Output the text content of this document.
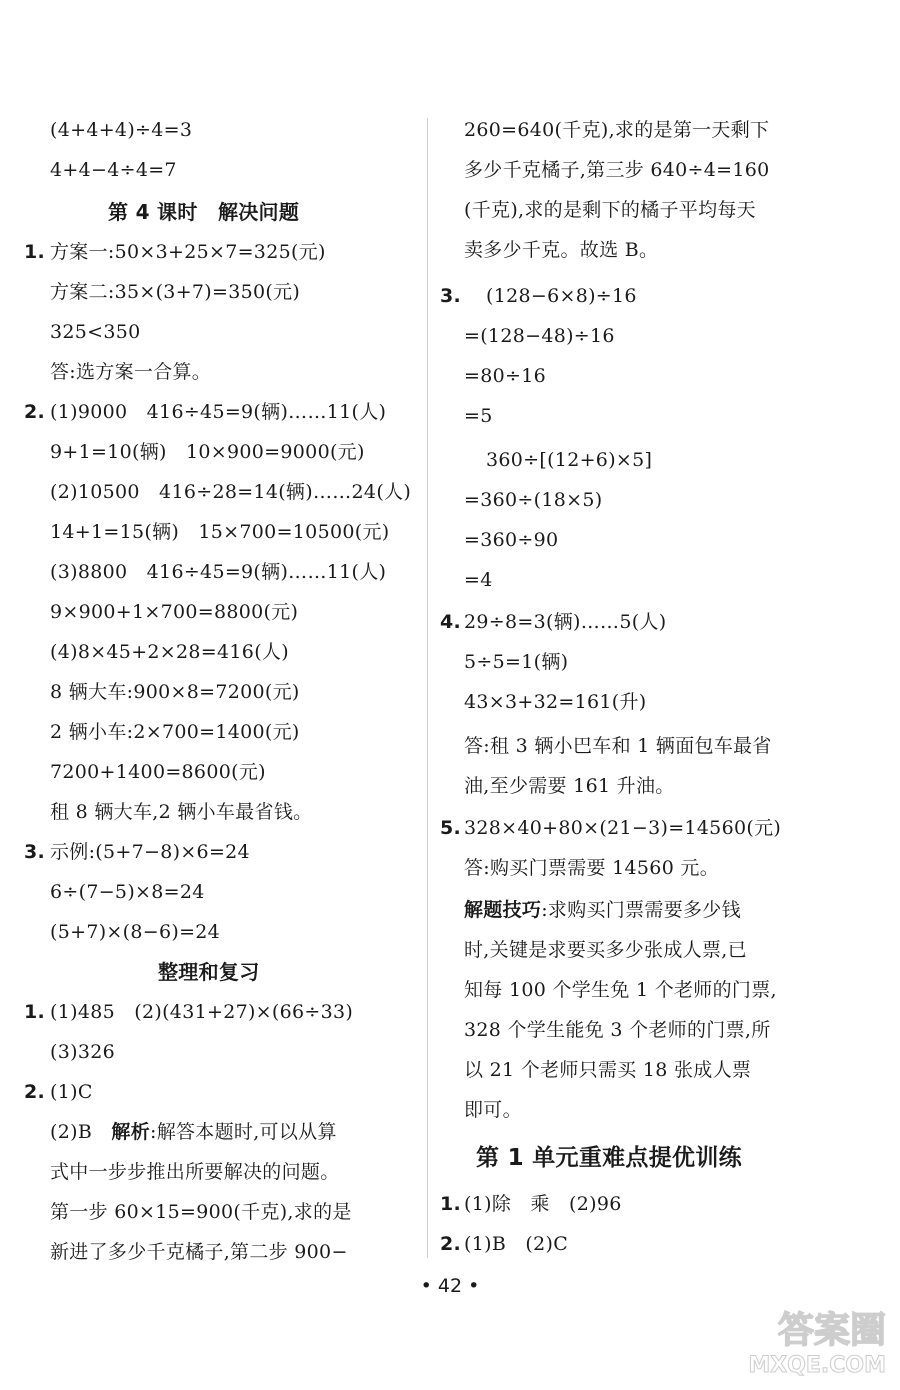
(4+4+4)÷4=3
4+4−4÷4=7
第 4 课时　解决问题
1. 方案一:50×3+25×7=325(元)
方案二:35×(3+7)=350(元)
325<350
答:选方案一合算。
2. (1)9000　416÷45=9(辆)……11(人)
9+1=10(辆)　10×900=9000(元)
(2)10500　416÷28=14(辆)……24(人)
14+1=15(辆)　15×700=10500(元)
(3)8800　416÷45=9(辆)……11(人)
9×900+1×700=8800(元)
(4)8×45+2×28=416(人)
8 辆大车:900×8=7200(元)
2 辆小车:2×700=1400(元)
7200+1400=8600(元)
租 8 辆大车,2 辆小车最省钱。
3. 示例:(5+7−8)×6=24
6÷(7−5)×8=24
(5+7)×(8−6)=24
整理和复习
1. (1)485　(2)(431+27)×(66÷33)
(3)326
2. (1)C
(2)B　解析:解答本题时,可以从算
式中一步步推出所要解决的问题。
第一步 60×15=900(千克),求的是
新进了多少千克橘子,第二步 900−
260=640(千克),求的是第一天剩下
多少千克橘子,第三步 640÷4=160
(千克),求的是剩下的橘子平均每天
卖多少千克。故选 B。
3. (128−6×8)÷16
=(128−48)÷16
=80÷16
=5
360÷[(12+6)×5]
=360÷(18×5)
=360÷90
=4
4. 29÷8=3(辆)……5(人)
5÷5=1(辆)
43×3+32=161(升)
答:租 3 辆小巴车和 1 辆面包车最省
油,至少需要 161 升油。
5. 328×40+80×(21−3)=14560(元)
答:购买门票需要 14560 元。
解题技巧:求购买门票需要多少钱
时,关键是求要买多少张成人票,已
知每 100 个学生免 1 个老师的门票,
328 个学生能免 3 个老师的门票,所
以 21 个老师只需买 18 张成人票
即可。
第 1 单元重难点提优训练
1. (1)除　乘　(2)96
2. (1)B　(2)C
• 42 •
答案圈
MXQE.COM
